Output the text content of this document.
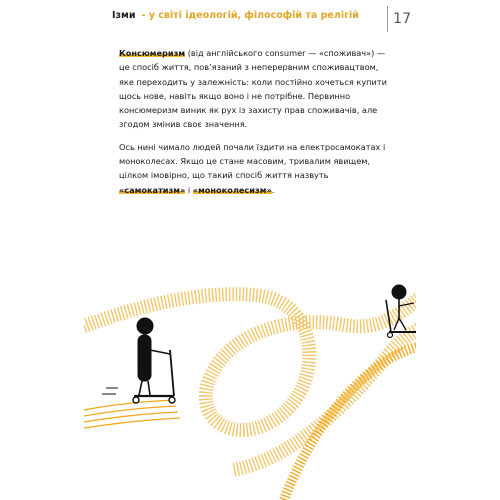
Ізми - у світі ідеологій, філософій та релігій 17

Консюмеризм (від англійського consumer — «споживач») — це спосіб життя, пов’язаний з неперервним споживацтвом, яке переходить у залежність: коли постійно хочеться купити щось нове, навіть якщо воно і не потрібне. Первинно консюмеризм виник як рух із захисту прав споживачів, але згодом змінив своє значення.

Ось нині чимало людей почали їздити на електросамокатах і моноколесах. Якщо це стане масовим, тривалим явищем, цілком імовірно, що такий спосіб життя назвуть «самокатизм» і «моноколесизм».
